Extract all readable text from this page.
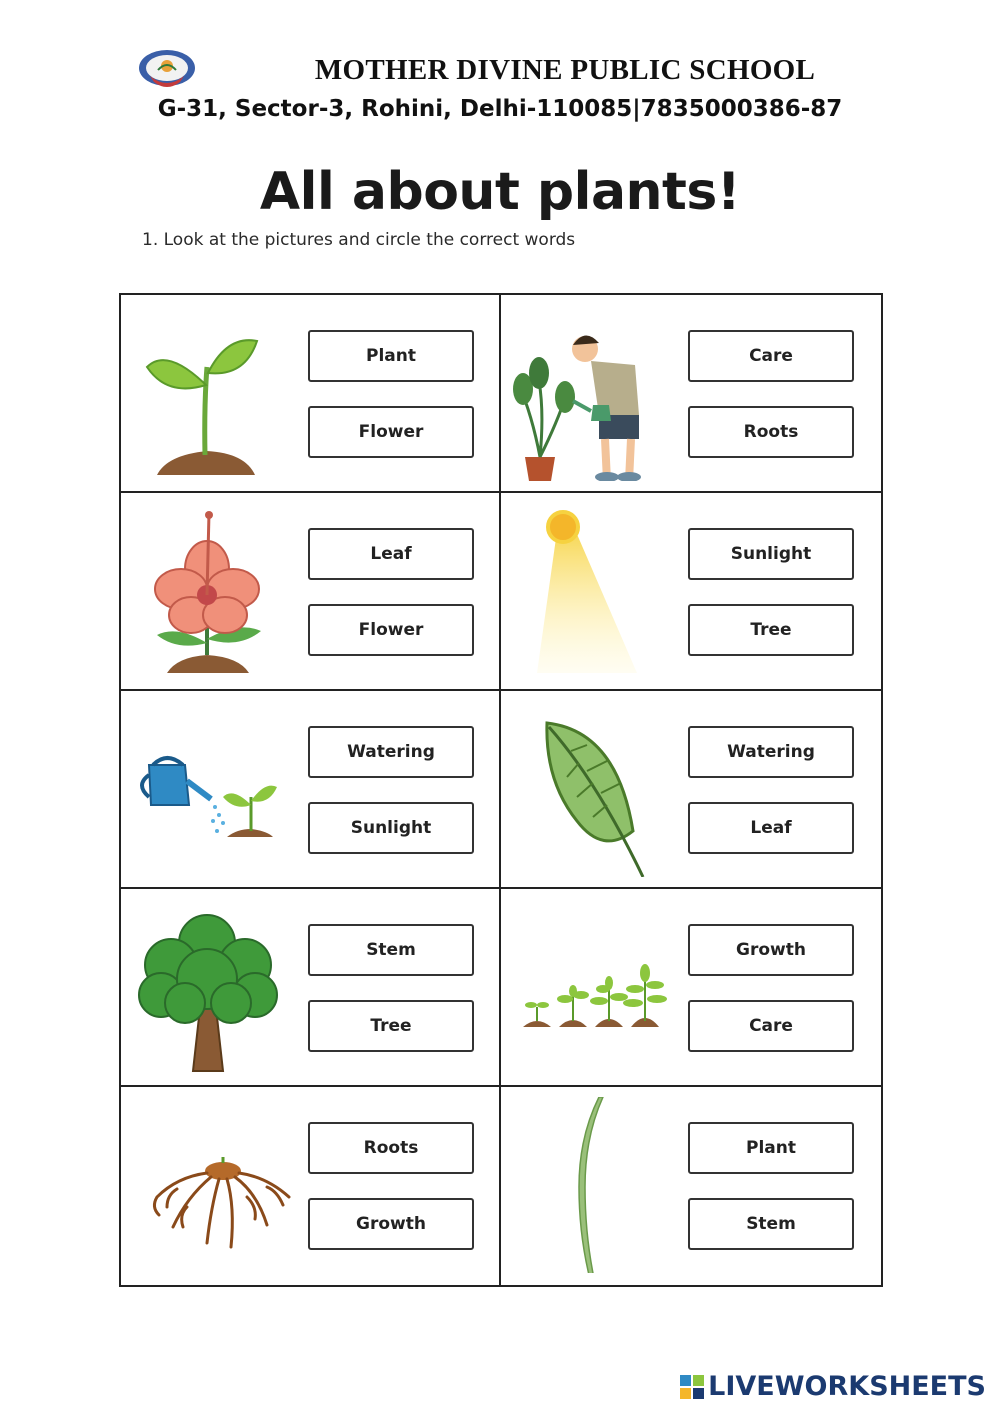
MOTHER DIVINE PUBLIC SCHOOL
G-31, Sector-3, Rohini, Delhi-110085|7835000386-87
All about plants!
1. Look at the pictures and circle the correct words
Plant
Flower
Care
Roots
Leaf
Flower
Sunlight
Tree
Watering
Sunlight
Watering
Leaf
Stem
Tree
Growth
Care
Roots
Growth
Plant
Stem
LIVEWORKSHEETS
